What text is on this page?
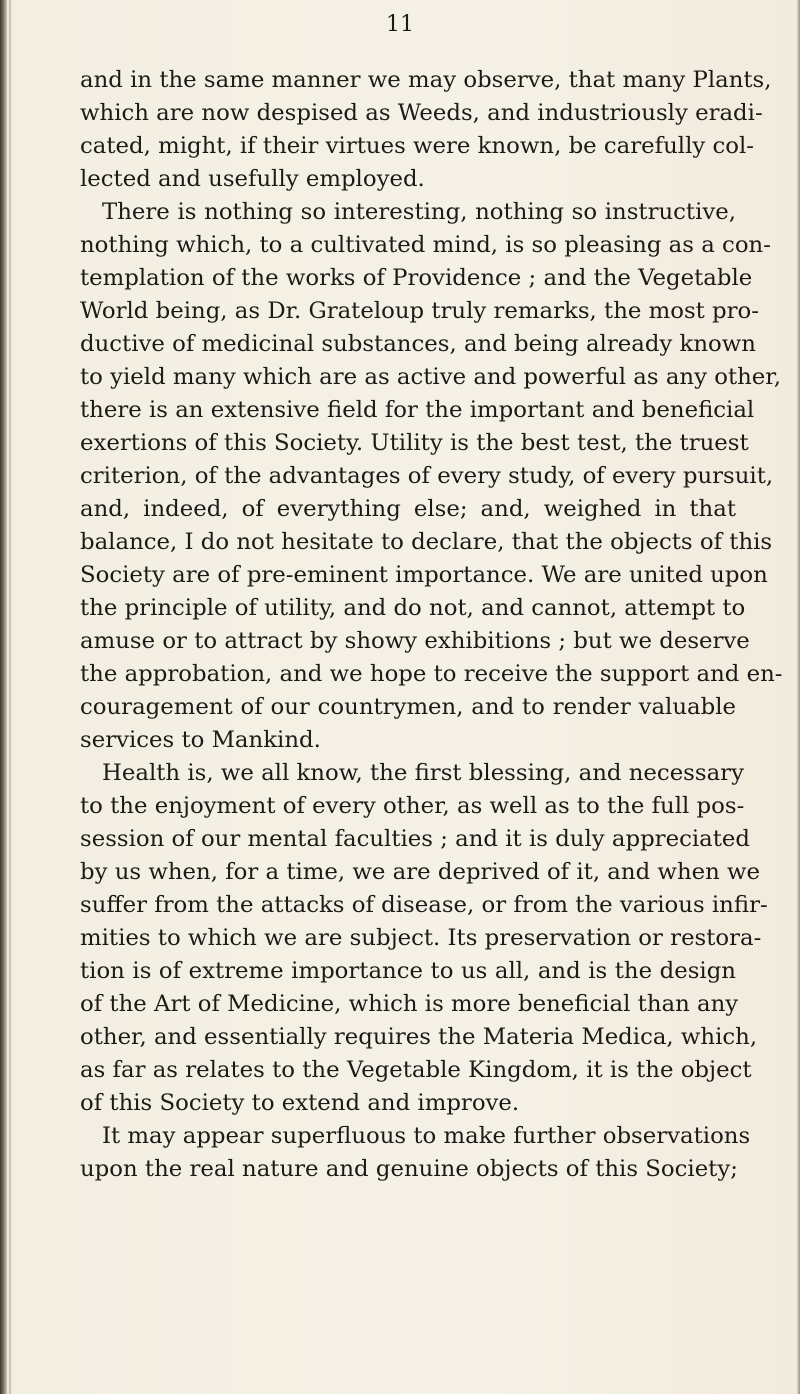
11
and in the same manner we may observe, that many Plants,
which are now despised as Weeds, and industriously eradi-
cated, might, if their virtues were known, be carefully col-
lected and usefully employed.
There is nothing so interesting, nothing so instructive,
nothing which, to a cultivated mind, is so pleasing as a con-
templation of the works of Providence ; and the Vegetable
World being, as Dr. Grateloup truly remarks, the most pro-
ductive of medicinal substances, and being already known
to yield many which are as active and powerful as any other,
there is an extensive field for the important and beneficial
exertions of this Society. Utility is the best test, the truest
criterion, of the advantages of every study, of every pursuit,
and, indeed, of everything else; and, weighed in that
balance, I do not hesitate to declare, that the objects of this
Society are of pre-eminent importance. We are united upon
the principle of utility, and do not, and cannot, attempt to
amuse or to attract by showy exhibitions ; but we deserve
the approbation, and we hope to receive the support and en-
couragement of our countrymen, and to render valuable
services to Mankind.
Health is, we all know, the first blessing, and necessary
to the enjoyment of every other, as well as to the full pos-
session of our mental faculties ; and it is duly appreciated
by us when, for a time, we are deprived of it, and when we
suffer from the attacks of disease, or from the various infir-
mities to which we are subject. Its preservation or restora-
tion is of extreme importance to us all, and is the design
of the Art of Medicine, which is more beneficial than any
other, and essentially requires the Materia Medica, which,
as far as relates to the Vegetable Kingdom, it is the object
of this Society to extend and improve.
It may appear superfluous to make further observations
upon the real nature and genuine objects of this Society;
